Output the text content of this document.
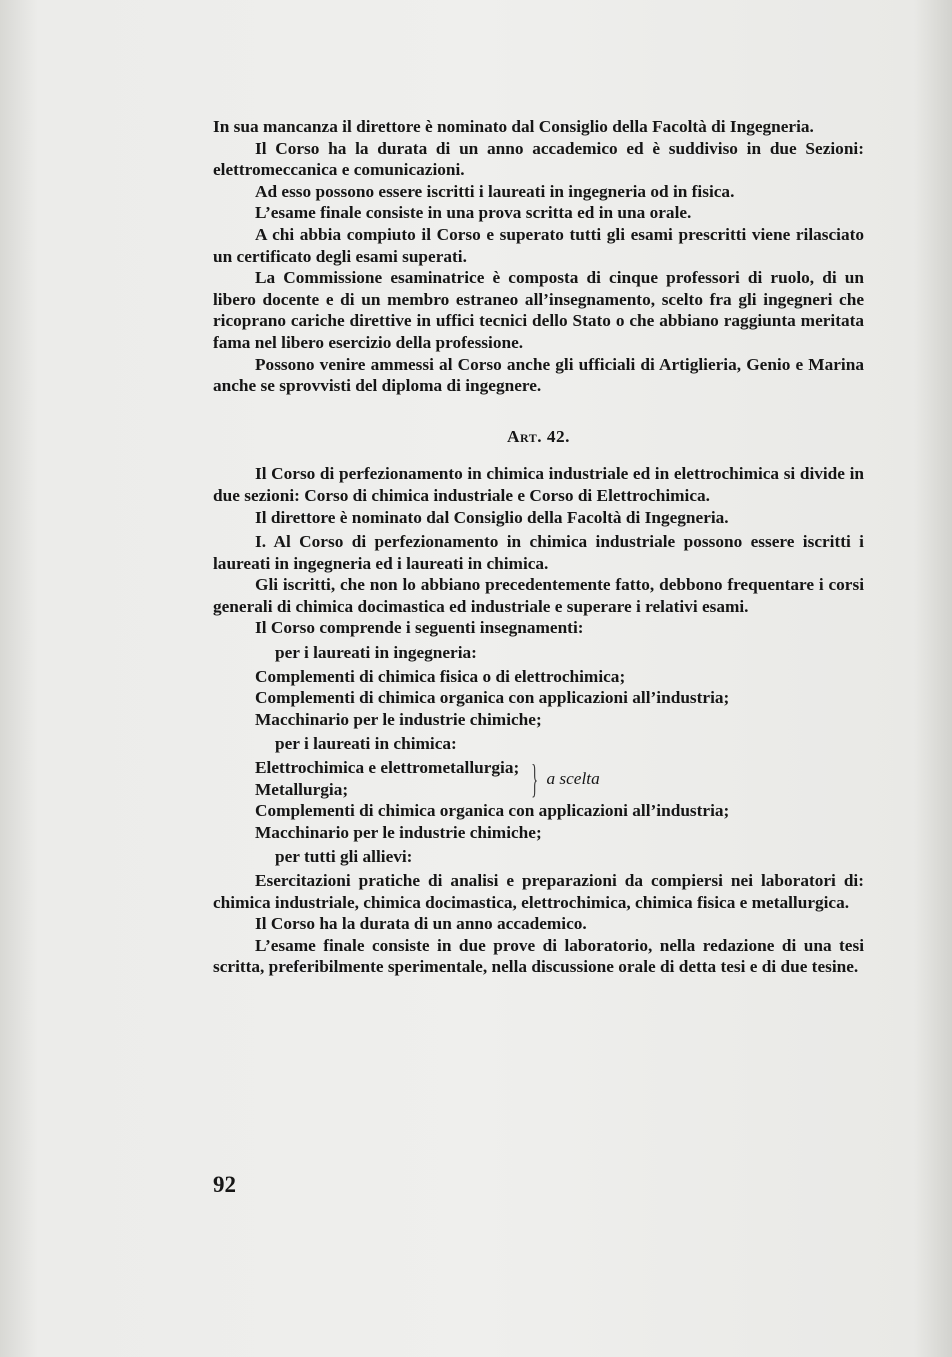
In sua mancanza il direttore è nominato dal Consiglio della Facoltà di Ingegneria.

Il Corso ha la durata di un anno accademico ed è suddiviso in due Sezioni: elettromeccanica e comunicazioni.

Ad esso possono essere iscritti i laureati in ingegneria od in fisica.

L’esame finale consiste in una prova scritta ed in una orale.

A chi abbia compiuto il Corso e superato tutti gli esami prescritti viene rilasciato un certificato degli esami superati.

La Commissione esaminatrice è composta di cinque professori di ruolo, di un libero docente e di un membro estraneo all’insegnamento, scelto fra gli ingegneri che ricoprano cariche direttive in uffici tecnici dello Stato o che abbiano raggiunta meritata fama nel libero esercizio della professione.

Possono venire ammessi al Corso anche gli ufficiali di Artiglieria, Genio e Marina anche se sprovvisti del diploma di ingegnere.

Art. 42.

Il Corso di perfezionamento in chimica industriale ed in elettrochimica si divide in due sezioni: Corso di chimica industriale e Corso di Elettrochimica.

Il direttore è nominato dal Consiglio della Facoltà di Ingegneria.

I. Al Corso di perfezionamento in chimica industriale possono essere iscritti i laureati in ingegneria ed i laureati in chimica.

Gli iscritti, che non lo abbiano precedentemente fatto, debbono frequentare i corsi generali di chimica docimastica ed industriale e superare i relativi esami.

Il Corso comprende i seguenti insegnamenti:

per i laureati in ingegneria:
Complementi di chimica fisica o di elettrochimica;
Complementi di chimica organica con applicazioni all’industria;
Macchinario per le industrie chimiche;
per i laureati in chimica:
Elettrochimica e elettrometallurgia;
Metallurgia;	} a scelta
Complementi di chimica organica con applicazioni all’industria;
Macchinario per le industrie chimiche;
per tutti gli allievi:

Esercitazioni pratiche di analisi e preparazioni da compiersi nei laboratori di: chimica industriale, chimica docimastica, elettrochimica, chimica fisica e metallurgica.

Il Corso ha la durata di un anno accademico.

L’esame finale consiste in due prove di laboratorio, nella redazione di una tesi scritta, preferibilmente sperimentale, nella discussione orale di detta tesi e di due tesine.

92
